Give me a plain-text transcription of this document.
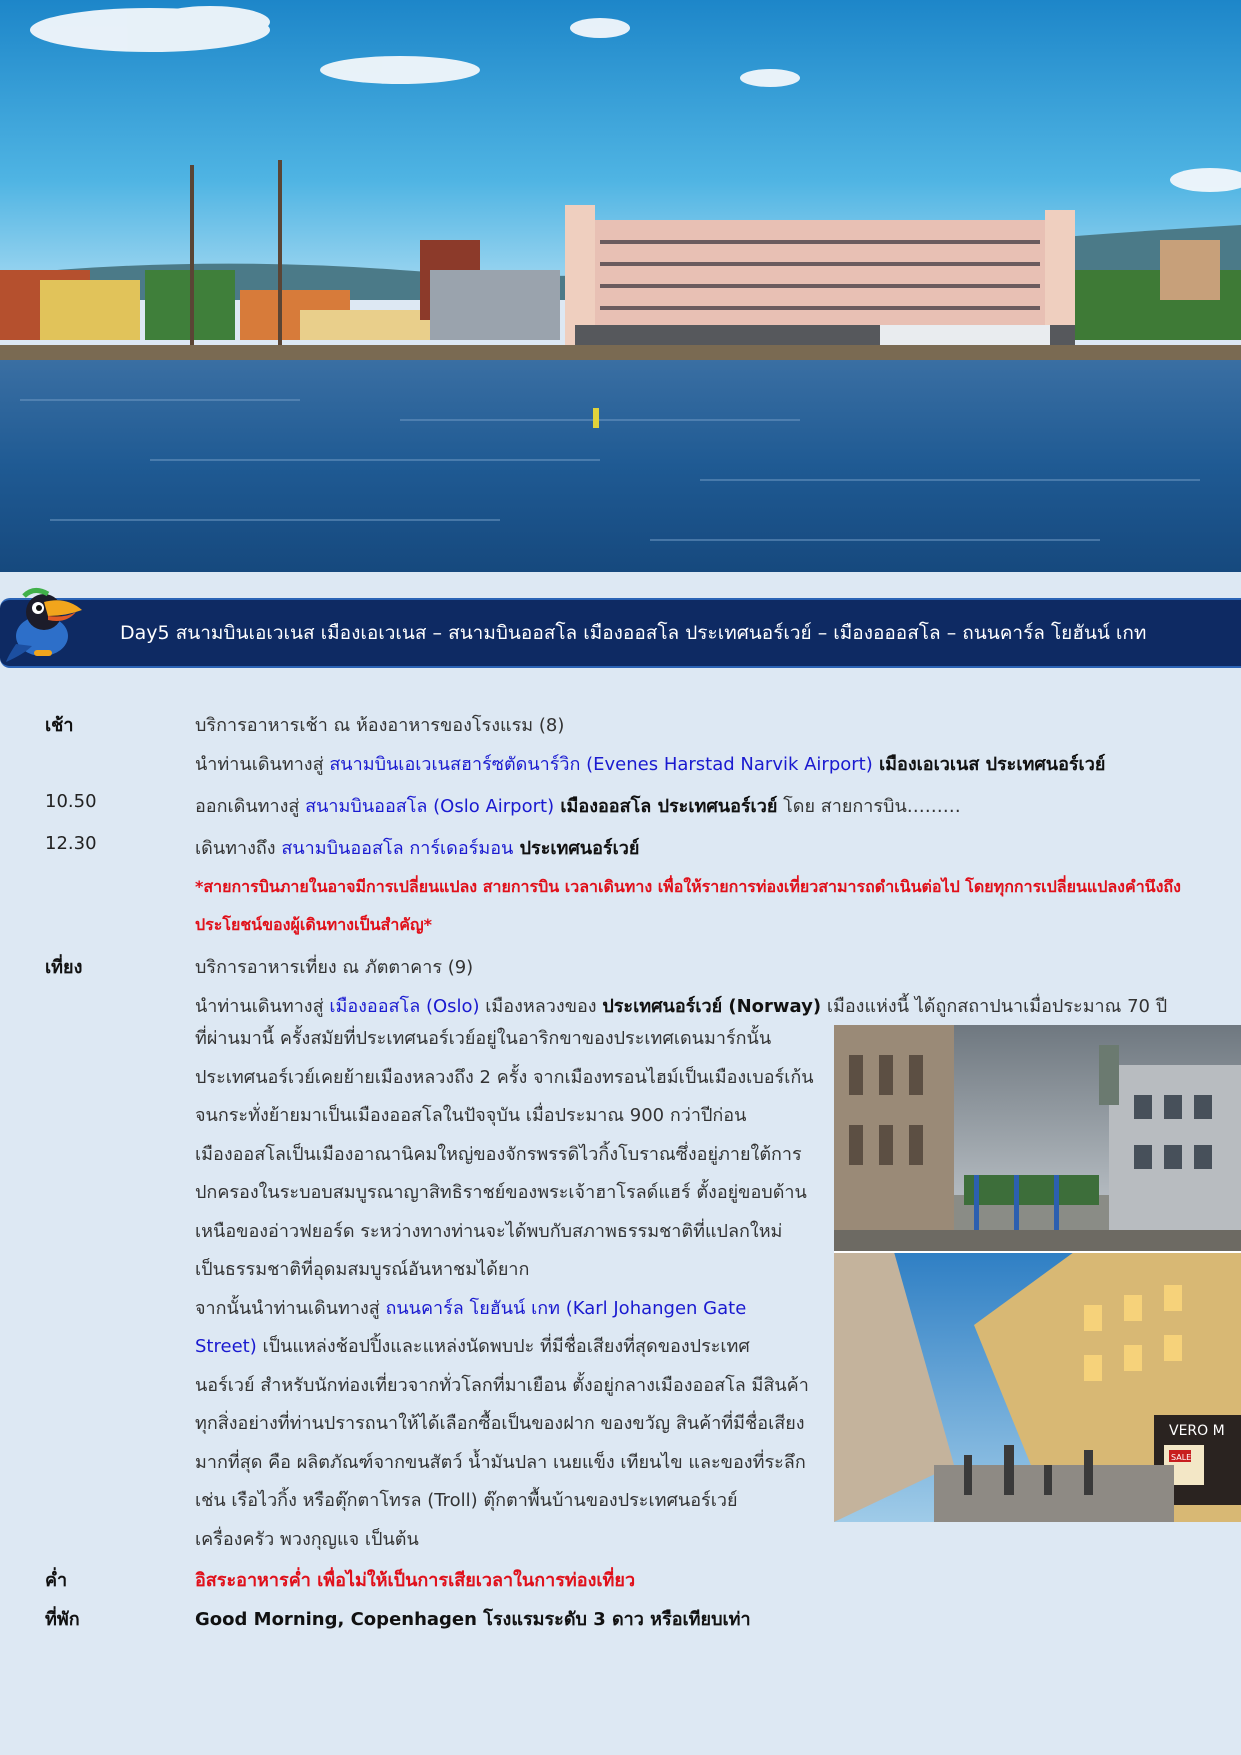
Day5 สนามบินเอเวเนส เมืองเอเวเนส – สนามบินออสโล เมืองออสโล ประเทศนอร์เวย์ – เมืองอออสโล – ถนนคาร์ล โยฮันน์ เกท
เช้า	บริการอาหารเช้า ณ ห้องอาหารของโรงแรม (8)
นำท่านเดินทางสู่ สนามบินเอเวเนสฮาร์ซตัดนาร์วิก (Evenes Harstad Narvik Airport) เมืองเอเวเนส ประเทศนอร์เวย์
10.50	ออกเดินทางสู่ สนามบินออสโล (Oslo Airport) เมืองออสโล ประเทศนอร์เวย์ โดย สายการบิน………
12.30	เดินทางถึง สนามบินออสโล การ์เดอร์มอน ประเทศนอร์เวย์
*สายการบินภายในอาจมีการเปลี่ยนแปลง สายการบิน เวลาเดินทาง เพื่อให้รายการท่องเที่ยวสามารถดำเนินต่อไป โดยทุกการเปลี่ยนแปลงคำนึงถึง
ประโยชน์ของผู้เดินทางเป็นสำคัญ*
เที่ยง	บริการอาหารเที่ยง ณ ภัตตาคาร (9)
นำท่านเดินทางสู่ เมืองออสโล (Oslo) เมืองหลวงของ ประเทศนอร์เวย์ (Norway) เมืองแห่งนี้ ได้ถูกสถาปนาเมื่อประมาณ 70 ปี
ที่ผ่านมานี้ ครั้งสมัยที่ประเทศนอร์เวย์อยู่ในอาริกขาของประเทศเดนมาร์กนั้น
ประเทศนอร์เวย์เคยย้ายเมืองหลวงถึง 2 ครั้ง จากเมืองทรอนไฮม์เป็นเมืองเบอร์เก้น
จนกระทั่งย้ายมาเป็นเมืองออสโลในปัจจุบัน เมื่อประมาณ 900 กว่าปีก่อน
เมืองออสโลเป็นเมืองอาณานิคมใหญ่ของจักรพรรดิไวกิ้งโบราณซึ่งอยู่ภายใต้การ
ปกครองในระบอบสมบูรณาญาสิทธิราชย์ของพระเจ้าฮาโรลด์แฮร์ ตั้งอยู่ขอบด้าน
เหนือของอ่าวฟยอร์ด ระหว่างทางท่านจะได้พบกับสภาพธรรมชาติที่แปลกใหม่
เป็นธรรมชาติที่อุดมสมบูรณ์อันหาชมได้ยาก
จากนั้นนำท่านเดินทางสู่ ถนนคาร์ล โยฮันน์ เกท (Karl Johangen Gate
Street) เป็นแหล่งช้อปปิ้งและแหล่งนัดพบปะ ที่มีชื่อเสียงที่สุดของประเทศ
นอร์เวย์ สำหรับนักท่องเที่ยวจากทั่วโลกที่มาเยือน ตั้งอยู่กลางเมืองออสโล มีสินค้า
ทุกสิ่งอย่างที่ท่านปรารถนาให้ได้เลือกซื้อเป็นของฝาก ของขวัญ สินค้าที่มีชื่อเสียง
มากที่สุด คือ ผลิตภัณฑ์จากขนสัตว์ น้ำมันปลา เนยแข็ง เทียนไข และของที่ระลึก
เช่น เรือไวกิ้ง หรือตุ๊กตาโทรล (Troll) ตุ๊กตาพื้นบ้านของประเทศนอร์เวย์
เครื่องครัว พวงกุญแจ เป็นต้น
ค่ำ	อิสระอาหารค่ำ เพื่อไม่ให้เป็นการเสียเวลาในการท่องเที่ยว
ที่พัก	Good Morning, Copenhagen โรงแรมระดับ 3 ดาว หรือเทียบเท่า
VERO M
SALE
